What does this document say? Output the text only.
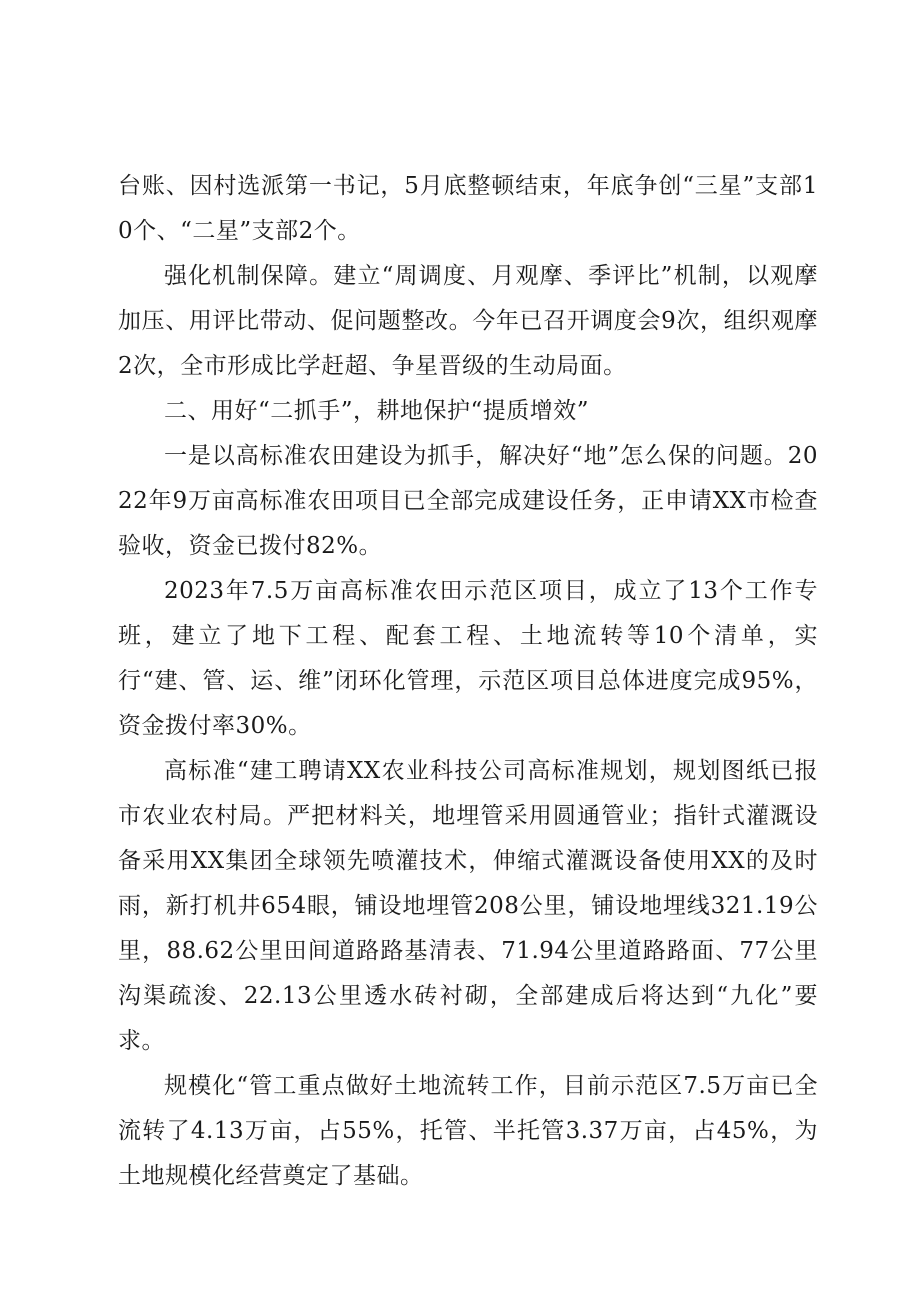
台账、因村选派第一书记，5月底整顿结束，年底争创“三星”支部10个、“二星”支部2个。

强化机制保障。建立“周调度、月观摩、季评比”机制，以观摩加压、用评比带动、促问题整改。今年已召开调度会9次，组织观摩2次，全市形成比学赶超、争星晋级的生动局面。

二、用好“二抓手”，耕地保护“提质增效”

一是以高标准农田建设为抓手，解决好“地”怎么保的问题。2022年9万亩高标准农田项目已全部完成建设任务，正申请XX市检查验收，资金已拨付82%。

2023年7.5万亩高标准农田示范区项目，成立了13个工作专班，建立了地下工程、配套工程、土地流转等10个清单，实行“建、管、运、维”闭环化管理，示范区项目总体进度完成95%，资金拨付率30%。

高标准“建工聘请XX农业科技公司高标准规划，规划图纸已报市农业农村局。严把材料关，地埋管采用圆通管业；指针式灌溉设备采用XX集团全球领先喷灌技术，伸缩式灌溉设备使用XX的及时雨，新打机井654眼，铺设地埋管208公里，铺设地埋线321.19公里，88.62公里田间道路路基清表、71.94公里道路路面、77公里沟渠疏浚、22.13公里透水砖衬砌，全部建成后将达到“九化”要求。

规模化“管工重点做好土地流转工作，目前示范区7.5万亩已全流转了4.13万亩，占55%，托管、半托管3.37万亩，占45%，为土地规模化经营奠定了基础。
